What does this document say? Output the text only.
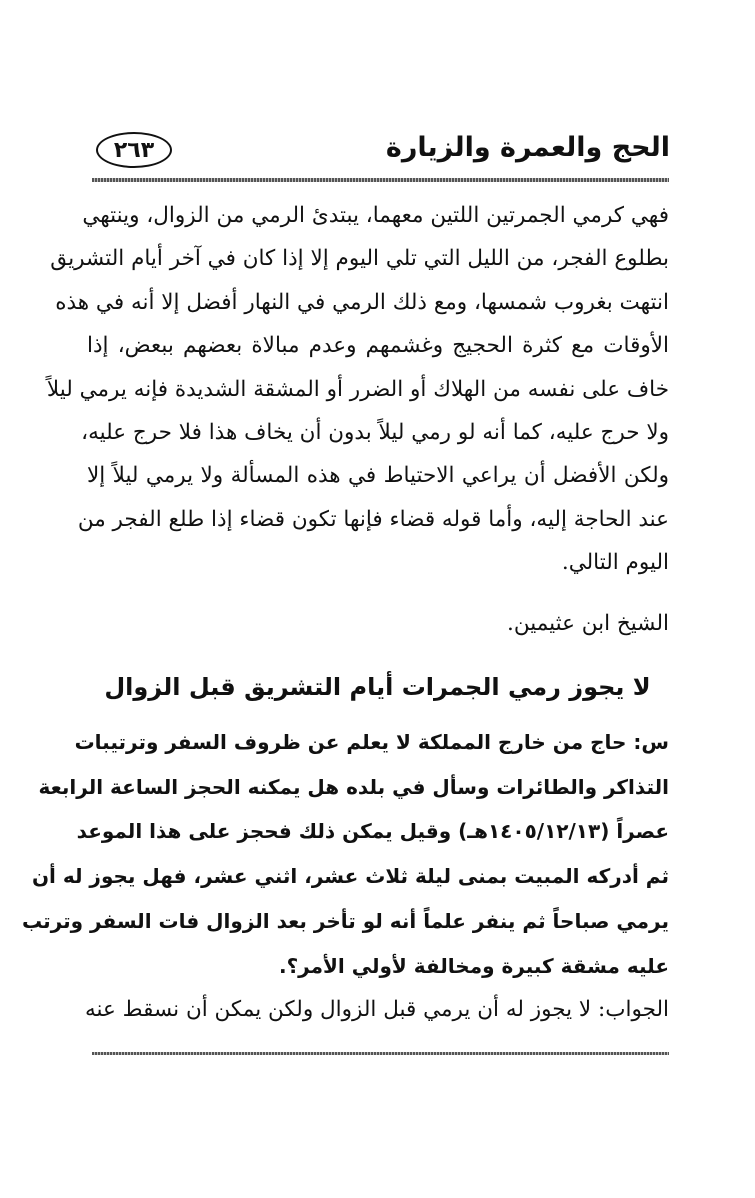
الحج والعمرة والزيارة
٢٦٣
فهي كرمي الجمرتين اللتين معهما، يبتدئ الرمي من الزوال، وينتهي
بطلوع الفجر، من الليل التي تلي اليوم إلا إذا كان في آخر أيام التشريق
انتهت بغروب شمسها، ومع ذلك الرمي في النهار أفضل إلا أنه في هذه
الأوقات مع كثرة الحجيج وغشمهم وعدم مبالاة بعضهم ببعض، إذا
خاف على نفسه من الهلاك أو الضرر أو المشقة الشديدة فإنه يرمي ليلاً
ولا حرج عليه، كما أنه لو رمي ليلاً بدون أن يخاف هذا فلا حرج عليه،
ولكن الأفضل أن يراعي الاحتياط في هذه المسألة ولا يرمي ليلاً إلا
عند الحاجة إليه، وأما قوله قضاء فإنها تكون قضاء إذا طلع الفجر من
اليوم التالي.
الشيخ ابن عثيمين.
لا يجوز رمي الجمرات أيام التشريق قبل الزوال
س: حاج من خارج المملكة لا يعلم عن ظروف السفر وترتيبات
التذاكر والطائرات وسأل في بلده هل يمكنه الحجز الساعة الرابعة
عصراً (١٤٠٥/١٢/١٣هـ) وقيل يمكن ذلك فحجز على هذا الموعد
ثم أدركه المبيت بمنى ليلة ثلاث عشر، اثني عشر، فهل يجوز له أن
يرمي صباحاً ثم ينفر علماً أنه لو تأخر بعد الزوال فات السفر وترتب
عليه مشقة كبيرة ومخالفة لأولي الأمر؟.
الجواب: لا يجوز له أن يرمي قبل الزوال ولكن يمكن أن نسقط عنه
